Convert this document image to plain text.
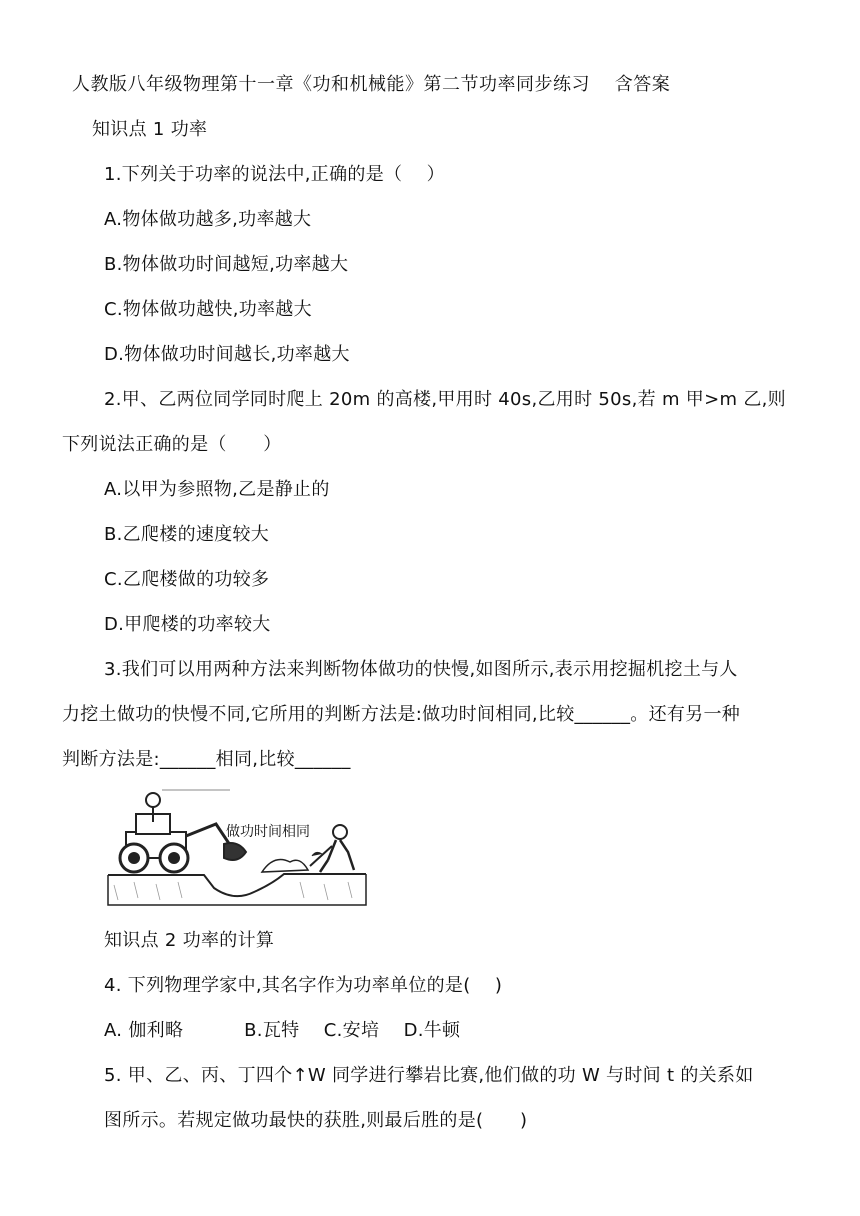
人教版八年级物理第十一章《功和机械能》第二节功率同步练习　 含答案
知识点 1 功率
1.下列关于功率的说法中,正确的是（　 ）
A.物体做功越多,功率越大
B.物体做功时间越短,功率越大
C.物体做功越快,功率越大
D.物体做功时间越长,功率越大
2.甲、乙两位同学同时爬上 20m 的高楼,甲用时 40s,乙用时 50s,若 m 甲>m 乙,则
下列说法正确的是（　　）
A.以甲为参照物,乙是静止的
B.乙爬楼的速度较大
C.乙爬楼做的功较多
D.甲爬楼的功率较大
3.我们可以用两种方法来判断物体做功的快慢,如图所示,表示用挖掘机挖土与人
力挖土做功的快慢不同,它所用的判断方法是:做功时间相同,比较______。还有另一种
判断方法是:______相同,比较______
做功时间相同
知识点 2 功率的计算
4. 下列物理学家中,其名字作为功率单位的是(　 )
A. 伽利略　　　 B.瓦特　 C.安培　 D.牛顿
5. 甲、乙、丙、丁四个↑W 同学进行攀岩比赛,他们做的功 W 与时间 t 的关系如
图所示。若规定做功最快的获胜,则最后胜的是(　　)
